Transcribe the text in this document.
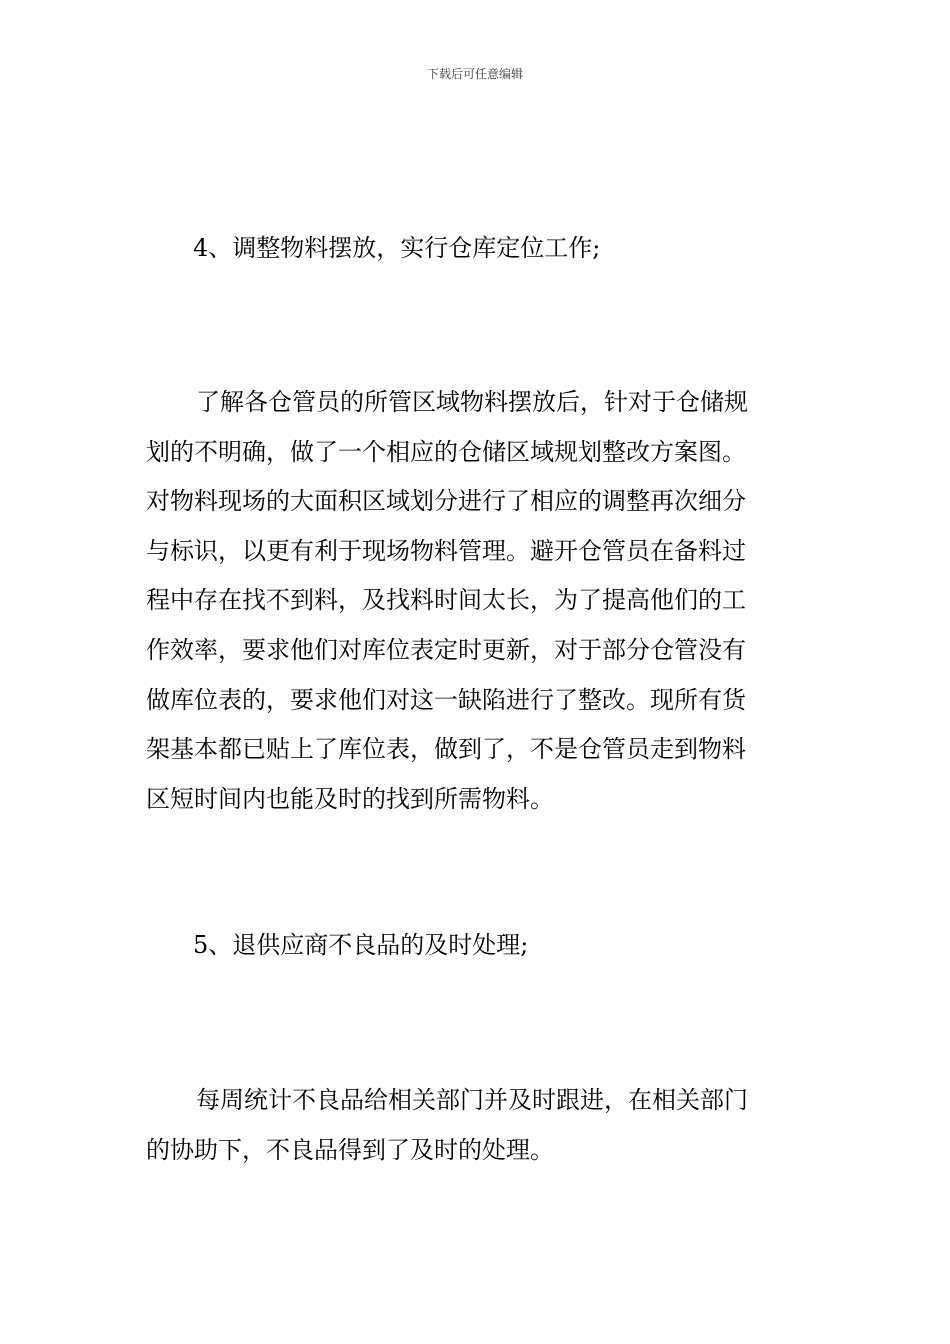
下载后可任意编辑
4、调整物料摆放，实行仓库定位工作;
了解各仓管员的所管区域物料摆放后，针对于仓储规
划的不明确，做了一个相应的仓储区域规划整改方案图。
对物料现场的大面积区域划分进行了相应的调整再次细分
与标识，以更有利于现场物料管理。避开仓管员在备料过
程中存在找不到料，及找料时间太长，为了提高他们的工
作效率，要求他们对库位表定时更新，对于部分仓管没有
做库位表的，要求他们对这一缺陷进行了整改。现所有货
架基本都已贴上了库位表，做到了，不是仓管员走到物料
区短时间内也能及时的找到所需物料。
5、退供应商不良品的及时处理;
每周统计不良品给相关部门并及时跟进，在相关部门
的协助下，不良品得到了及时的处理。
